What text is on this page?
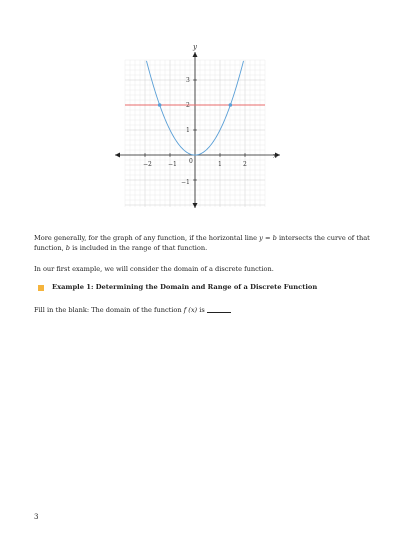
x
y
−2	−1 0	1	2
3
2
1
−1
More generally, for the graph of any function, if the horizontal line y = b intersects the curve of that function, b is included in the range of that function.
In our first example, we will consider the domain of a discrete function.
Example 1: Determining the Domain and Range of a Discrete Function
Fill in the blank: The domain of the function f (x) is
3
